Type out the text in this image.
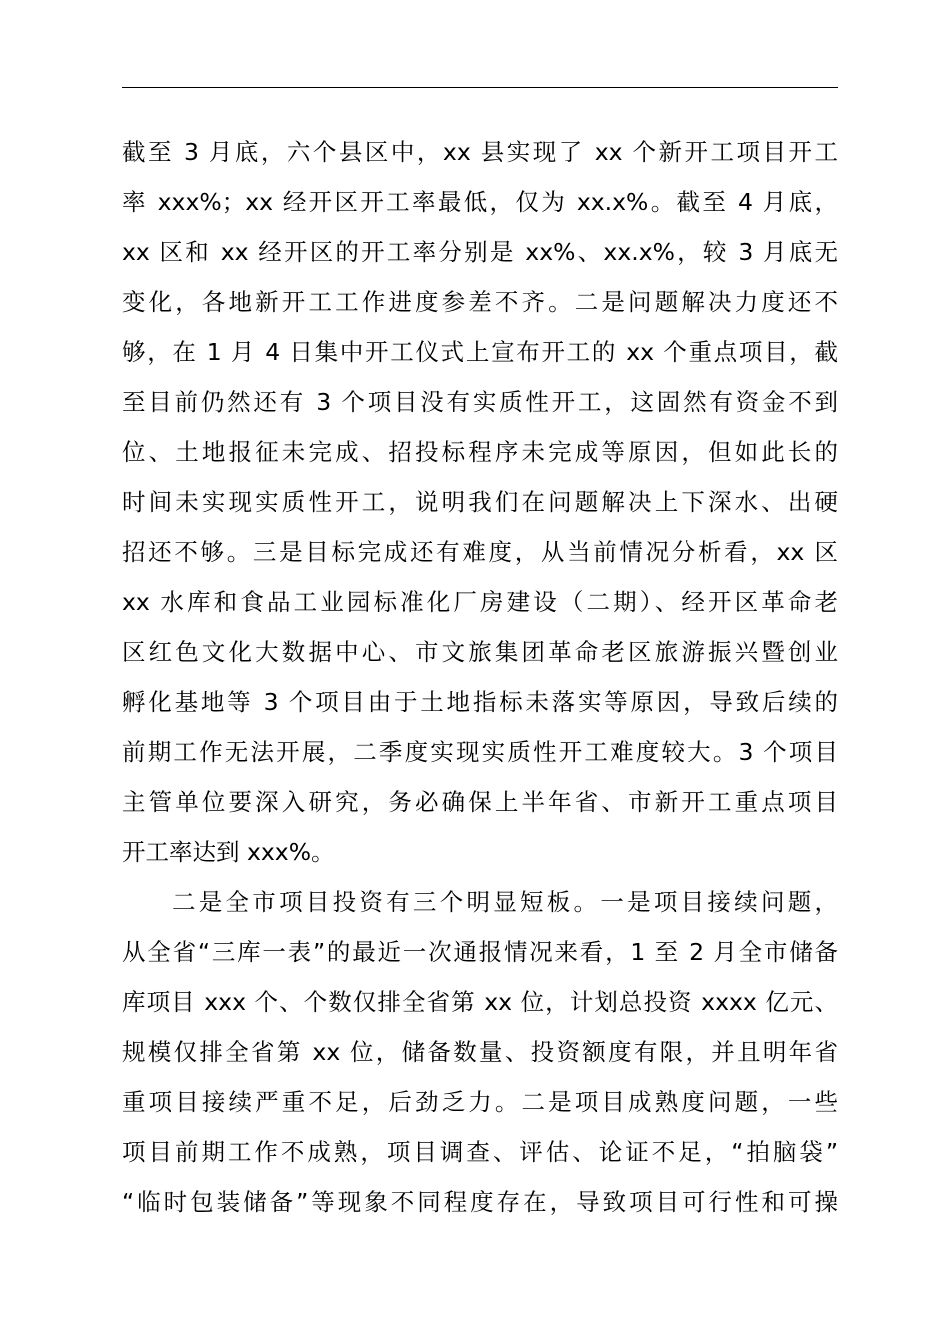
截至 3 月底，六个县区中，xx 县实现了 xx 个新开工项目开工
率 xxx%；xx 经开区开工率最低，仅为 xx.x%。截至 4 月底，
xx 区和 xx 经开区的开工率分别是 xx%、xx.x%，较 3 月底无
变化，各地新开工工作进度参差不齐。二是问题解决力度还不
够，在 1 月 4 日集中开工仪式上宣布开工的 xx 个重点项目，截
至目前仍然还有 3 个项目没有实质性开工，这固然有资金不到
位、土地报征未完成、招投标程序未完成等原因，但如此长的
时间未实现实质性开工，说明我们在问题解决上下深水、出硬
招还不够。三是目标完成还有难度，从当前情况分析看，xx 区
xx 水库和食品工业园标准化厂房建设（二期）、经开区革命老
区红色文化大数据中心、市文旅集团革命老区旅游振兴暨创业
孵化基地等 3 个项目由于土地指标未落实等原因，导致后续的
前期工作无法开展，二季度实现实质性开工难度较大。3 个项目
主管单位要深入研究，务必确保上半年省、市新开工重点项目
开工率达到 xxx%。
二是全市项目投资有三个明显短板。一是项目接续问题，
从全省“三库一表”的最近一次通报情况来看，1 至 2 月全市储备
库项目 xxx 个、个数仅排全省第 xx 位，计划总投资 xxxx 亿元、
规模仅排全省第 xx 位，储备数量、投资额度有限，并且明年省
重项目接续严重不足，后劲乏力。二是项目成熟度问题，一些
项目前期工作不成熟，项目调查、评估、论证不足，“拍脑袋”
“临时包装储备”等现象不同程度存在，导致项目可行性和可操
